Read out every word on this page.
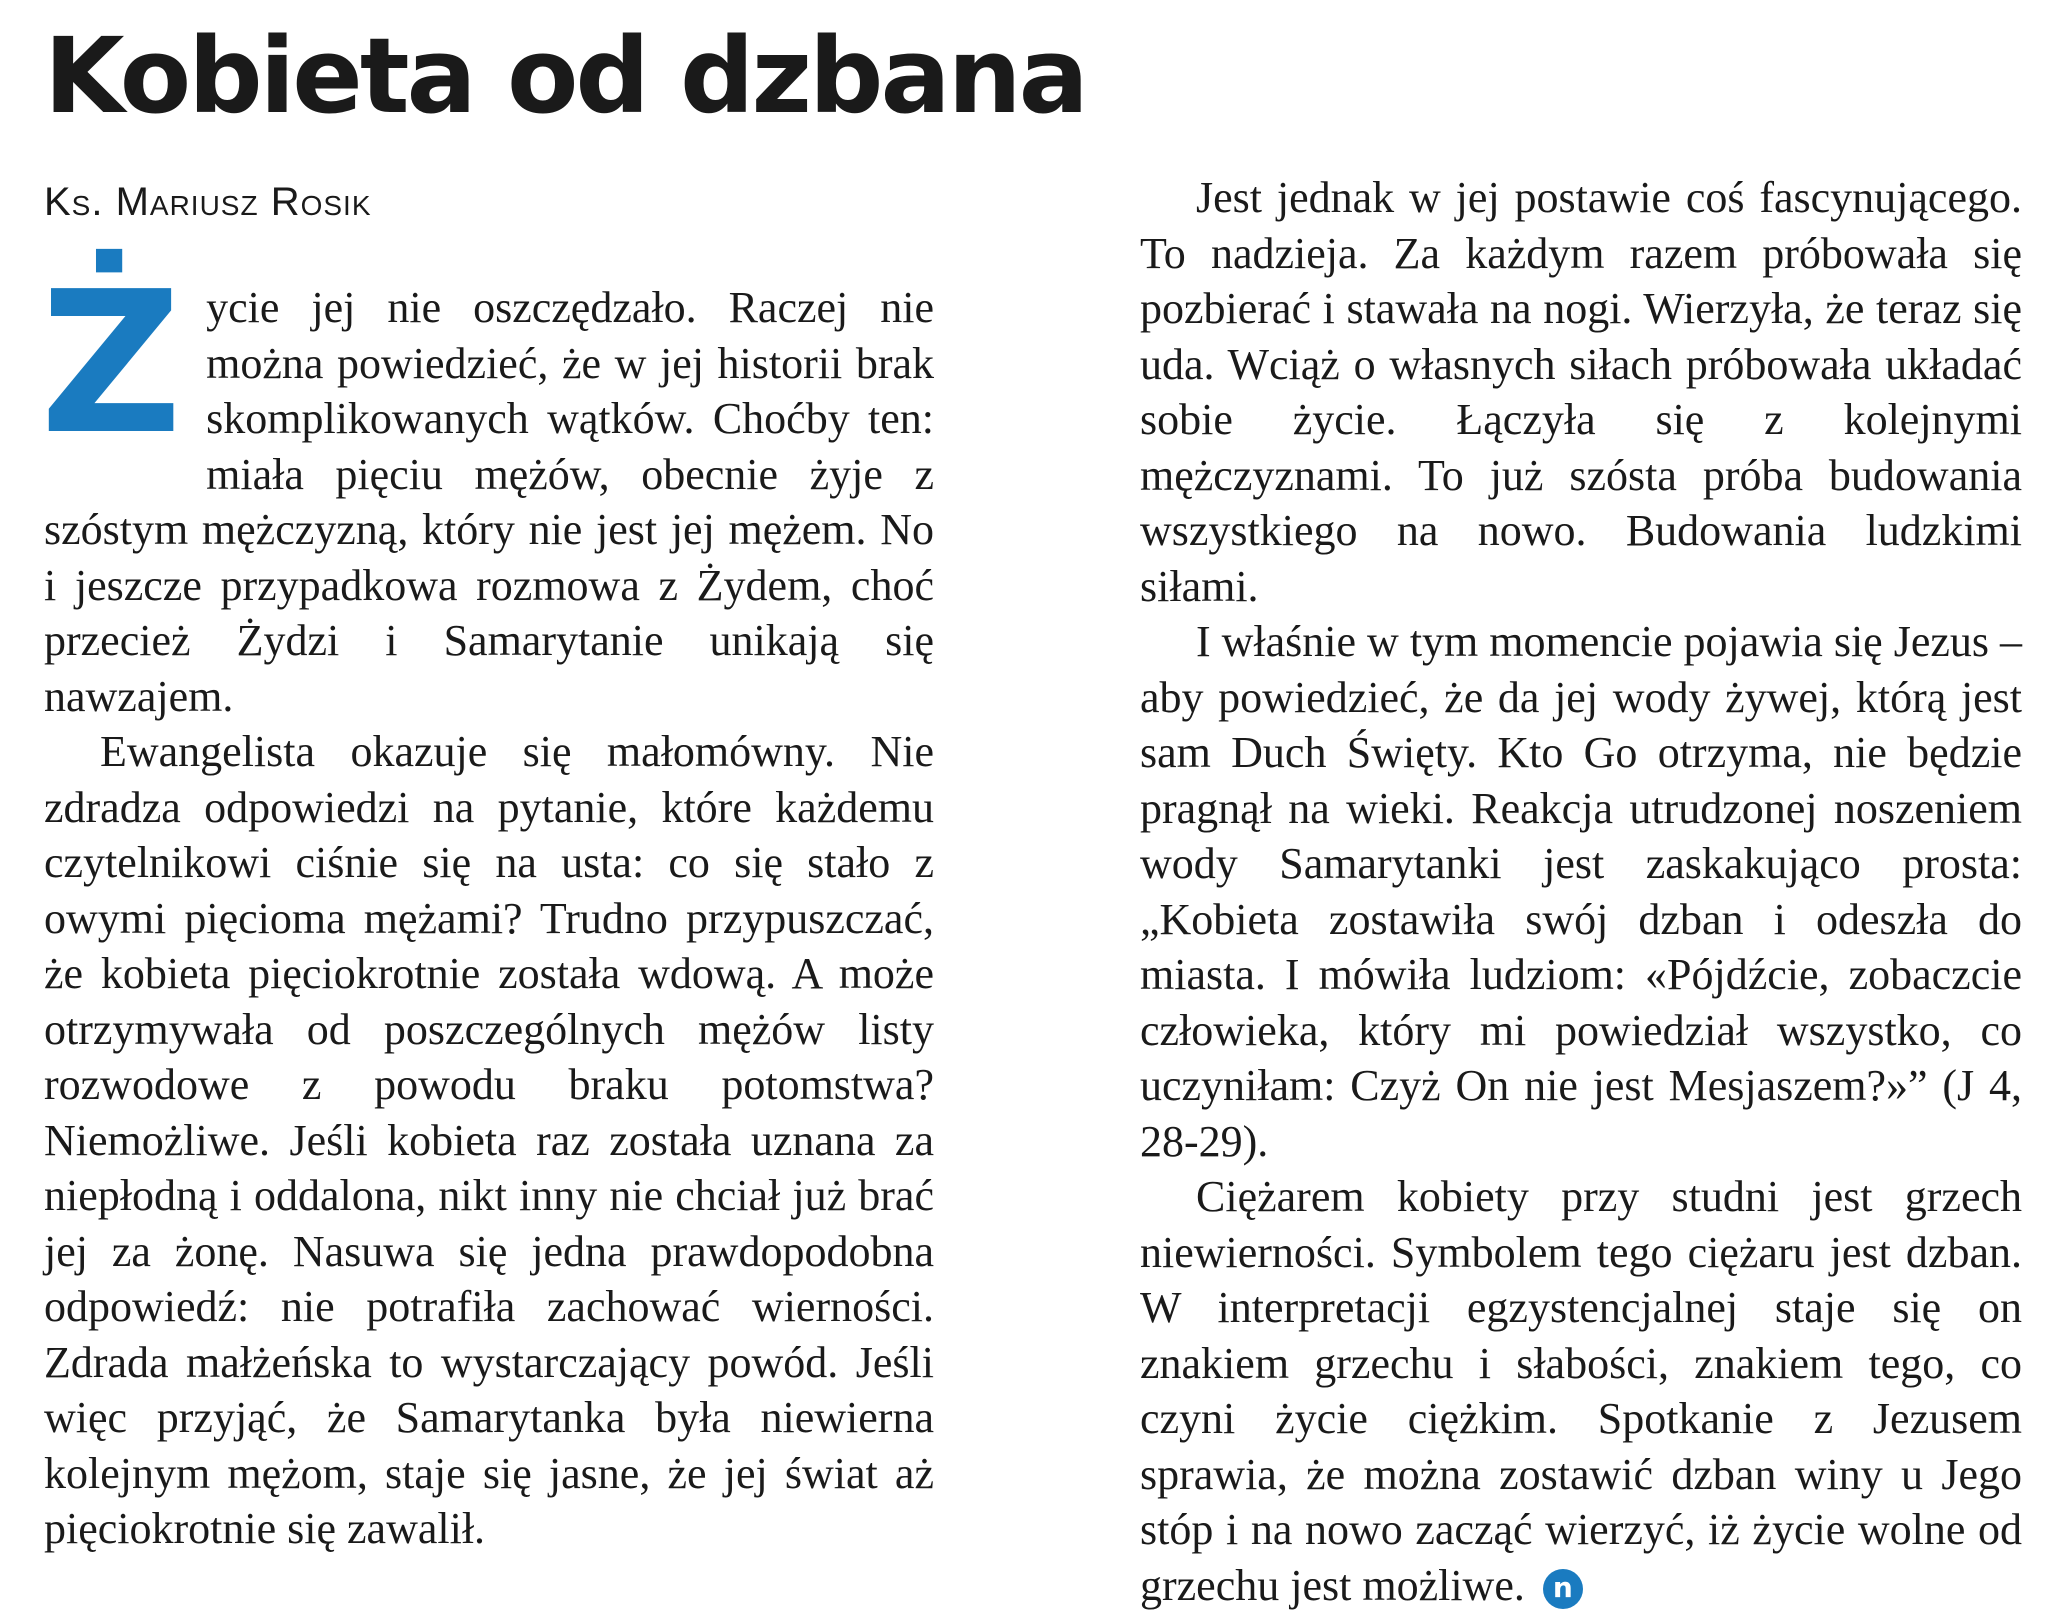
Kobieta od dzbana
Ks. Mariusz Rosik

Życie jej nie oszczędzało. Raczej nie można powiedzieć, że w jej historii brak skomplikowanych wątków. Choćby ten: miała pięciu mężów, obecnie żyje z szóstym mężczyzną, który nie jest jej mężem. No i jeszcze przypadkowa rozmowa z Żydem, choć przecież Żydzi i Samarytanie unikają się nawzajem.

Ewangelista okazuje się małomówny. Nie zdradza odpowiedzi na pytanie, które każdemu czytelnikowi ciśnie się na usta: co się stało z owymi pięcioma mężami? Trudno przypuszczać, że kobieta pięciokrotnie została wdową. A może otrzymywała od poszczególnych mężów listy rozwodowe z powodu braku potomstwa? Niemożliwe. Jeśli kobieta raz została uznana za niepłodną i oddalona, nikt inny nie chciał już brać jej za żonę. Nasuwa się jedna prawdopodobna odpowiedź: nie potrafiła zachować wierności. Zdrada małżeńska to wystarczający powód. Jeśli więc przyjąć, że Samarytanka była niewierna kolejnym mężom, staje się jasne, że jej świat aż pięciokrotnie się zawalił.

Jest jednak w jej postawie coś fascynującego. To nadzieja. Za każdym razem próbowała się pozbierać i stawała na nogi. Wierzyła, że teraz się uda. Wciąż o własnych siłach próbowała układać sobie życie. Łączyła się z kolejnymi mężczyznami. To już szósta próba budowania wszystkiego na nowo. Budowania ludzkimi siłami.

I właśnie w tym momencie pojawia się Jezus – aby powiedzieć, że da jej wody żywej, którą jest sam Duch Święty. Kto Go otrzyma, nie będzie pragnął na wieki. Reakcja utrudzonej noszeniem wody Samarytanki jest zaskakująco prosta: „Kobieta zostawiła swój dzban i odeszła do miasta. I mówiła ludziom: «Pójdźcie, zobaczcie człowieka, który mi powiedział wszystko, co uczyniłam: Czyż On nie jest Mesjaszem?»” (J 4, 28-29).

Ciężarem kobiety przy studni jest grzech niewierności. Symbolem tego ciężaru jest dzban. W interpretacji egzystencjalnej staje się on znakiem grzechu i słabości, znakiem tego, co czyni życie ciężkim. Spotkanie z Jezusem sprawia, że można zostawić dzban winy u Jego stóp i na nowo zacząć wierzyć, iż życie wolne od grzechu jest możliwe. n
